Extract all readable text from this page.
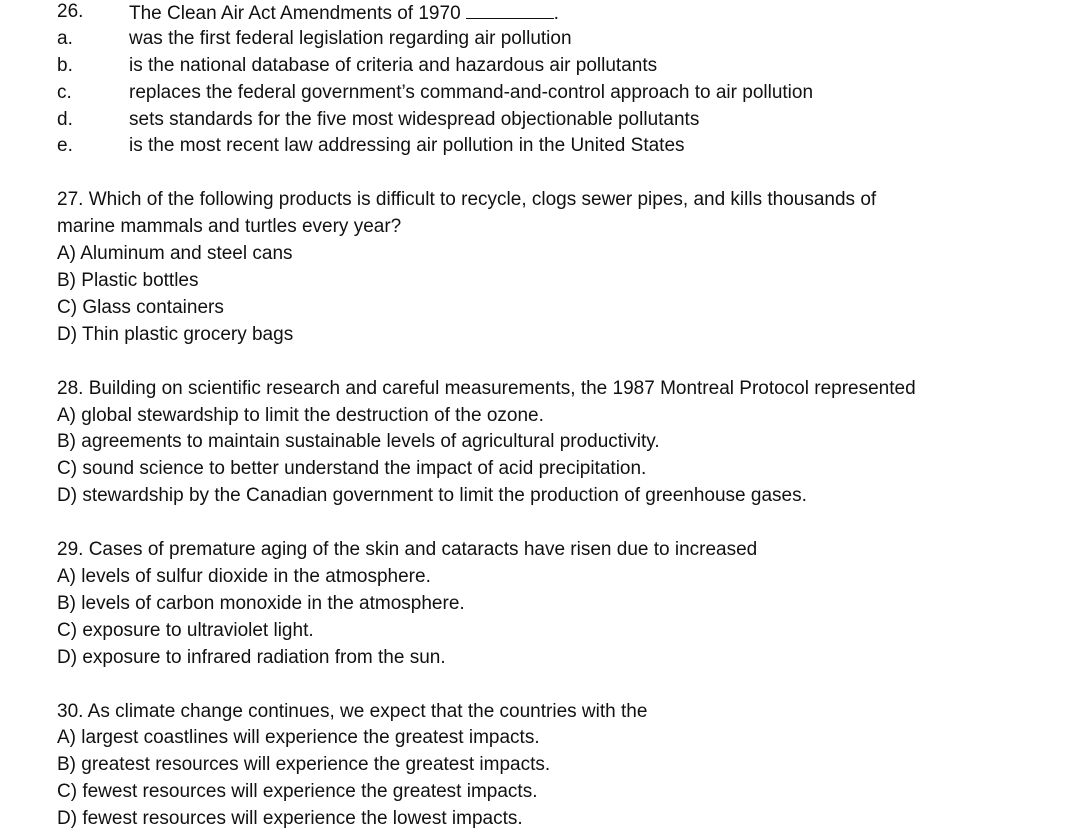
26.	The Clean Air Act Amendments of 1970	.
a.	was the first federal legislation regarding air pollution
b.	is the national database of criteria and hazardous air pollutants
c.	replaces the federal government’s command-and-control approach to air pollution
d.	sets standards for the five most widespread objectionable pollutants
e.	is the most recent law addressing air pollution in the United States
27. Which of the following products is difficult to recycle, clogs sewer pipes, and kills thousands of
marine mammals and turtles every year?
A) Aluminum and steel cans
B) Plastic bottles
C) Glass containers
D) Thin plastic grocery bags
28. Building on scientific research and careful measurements, the 1987 Montreal Protocol represented
A) global stewardship to limit the destruction of the ozone.
B) agreements to maintain sustainable levels of agricultural productivity.
C) sound science to better understand the impact of acid precipitation.
D) stewardship by the Canadian government to limit the production of greenhouse gases.
29. Cases of premature aging of the skin and cataracts have risen due to increased
A) levels of sulfur dioxide in the atmosphere.
B) levels of carbon monoxide in the atmosphere.
C) exposure to ultraviolet light.
D) exposure to infrared radiation from the sun.
30. As climate change continues, we expect that the countries with the
A) largest coastlines will experience the greatest impacts.
B) greatest resources will experience the greatest impacts.
C) fewest resources will experience the greatest impacts.
D) fewest resources will experience the lowest impacts.
